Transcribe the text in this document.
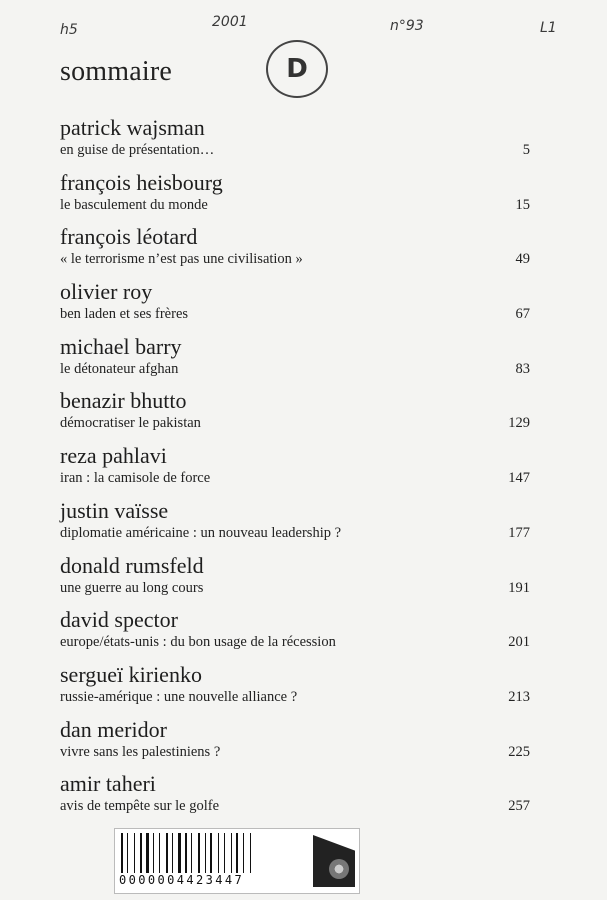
h5	2001	n°93	L1
sommaire	D
patrick wajsman
en guise de présentation…	5
françois heisbourg
le basculement du monde	15
françois léotard
« le terrorisme n’est pas une civilisation »	49
olivier roy
ben laden et ses frères	67
michael barry
le détonateur afghan	83
benazir bhutto
démocratiser le pakistan	129
reza pahlavi
iran : la camisole de force	147
justin vaïsse
diplomatie américaine : un nouveau leadership ?	177
donald rumsfeld
une guerre au long cours	191
david spector
europe/états-unis : du bon usage de la récession	201
sergueï kirienko
russie-amérique : une nouvelle alliance ?	213
dan meridor
vivre sans les palestiniens ?	225
amir taheri
avis de tempête sur le golfe	257
0000004423447
